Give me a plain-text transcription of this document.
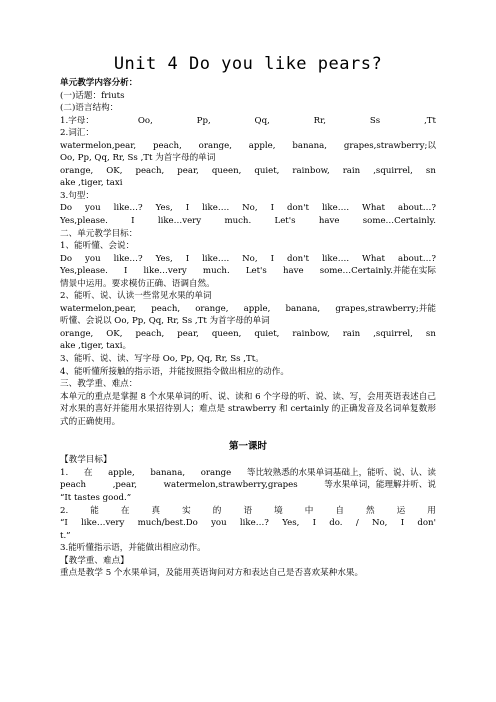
Unit 4 Do you like pears?
单元教学内容分析：
(一)话题：friuts
(二)语言结构：
1.字母：	Oo,	Pp,	Qq,	Rr,	Ss	,Tt
2.词汇：
watermelon,pear, peach, orange, apple, banana, grapes,strawberry;以
Oo, Pp, Qq, Rr, Ss ,Tt 为首字母的单词
orange, OK, peach, pear, queen, quiet, rainbow, rain ,squirrel, sn
ake ,tiger, taxi
3.句型：
Do you like…? Yes, I like…. No, I don't like…. What about…?
Yes,please.	I	like…very	much.	Let's	have	some…Certainly.
二、单元教学目标：
1、能听懂、会说：
Do you like…? Yes, I like…. No, I don't like…. What about…?
Yes,please. I like…very much. Let's have some…Certainly.并能在实际
情景中运用。要求模仿正确、语调自然。
2、能听、说、认读一些常见水果的单词
watermelon,pear, peach, orange, apple, banana, grapes,strawberry;并能
听懂、会说以 Oo, Pp, Qq, Rr, Ss ,Tt 为首字母的单词
orange, OK, peach, pear, queen, quiet, rainbow, rain ,squirrel, sn
ake ,tiger, taxi。
3、能听、说、读、写字母 Oo, Pp, Qq, Rr, Ss ,Tt。
4、能听懂所接触的指示语，并能按照指令做出相应的动作。
三、教学重、难点：
本单元的重点是掌握 8 个水果单词的听、说、读和 6 个字母的听、说、读、写，会用英语表述自己对水果的喜好并能用水果招待别人；难点是 strawberry 和 certainly 的正确发音及名词单复数形式的正确使用。
第一课时
【教学目标】
1. 在 apple, banana, orange 等比较熟悉的水果单词基础上，能听、说、认、读
peach	,pear,	watermelon,strawberry,grapes	等水果单词，能理解并听、说
“It tastes good.”
2.	能	在	真	实	的	语	境	中	自	然	运	用
“I like…very much/best.Do you like…? Yes, I do. / No, I don'
t.”
3.能听懂指示语，并能做出相应动作。
【教学重、难点】
重点是教学 5 个水果单词，及能用英语询问对方和表达自己是否喜欢某种水果。
